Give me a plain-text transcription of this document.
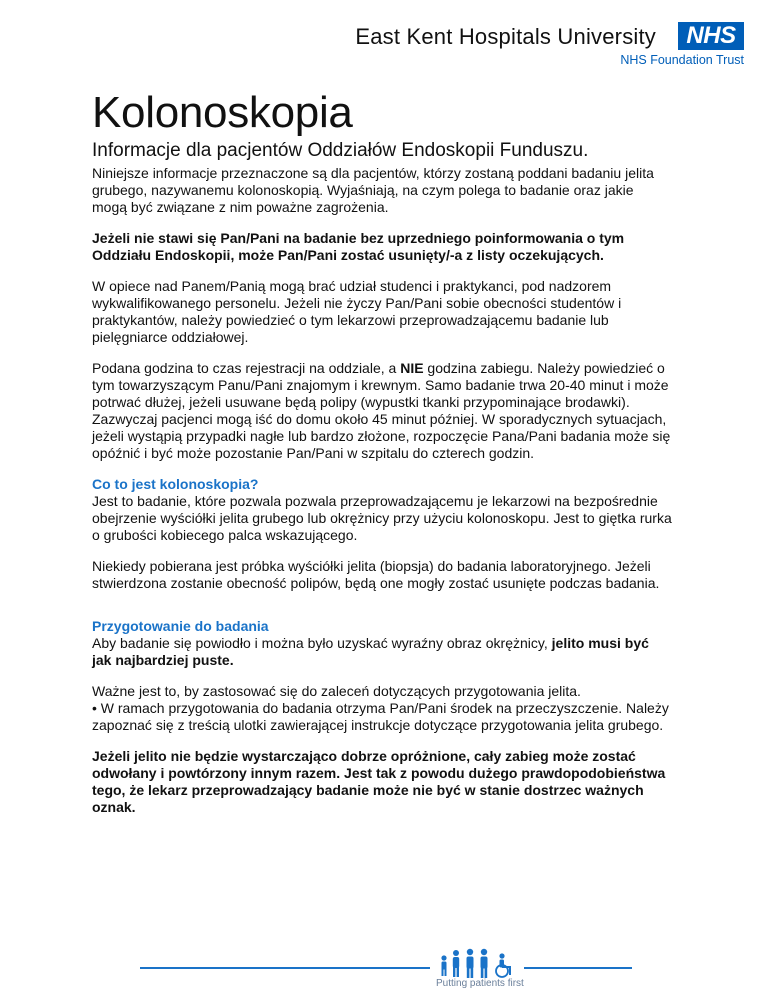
East Kent Hospitals University	NHS
NHS Foundation Trust
Kolonoskopia
Informacje dla pacjentów Oddziałów Endoskopii Funduszu.

Niniejsze informacje przeznaczone są dla pacjentów, którzy zostaną poddani badaniu jelita grubego, nazywanemu kolonoskopią. Wyjaśniają, na czym polega to badanie oraz jakie mogą być związane z nim poważne zagrożenia.

Jeżeli nie stawi się Pan/Pani na badanie bez uprzedniego poinformowania o tym Oddziału Endoskopii, może Pan/Pani zostać usunięty/-a z listy oczekujących.

W opiece nad Panem/Panią mogą brać udział studenci i praktykanci, pod nadzorem wykwalifikowanego personelu. Jeżeli nie życzy Pan/Pani sobie obecności studentów i praktykantów, należy powiedzieć o tym lekarzowi przeprowadzającemu badanie lub pielęgniarce oddziałowej.

Podana godzina to czas rejestracji na oddziale, a NIE godzina zabiegu. Należy powiedzieć o tym towarzyszącym Panu/Pani znajomym i krewnym. Samo badanie trwa 20-40 minut i może potrwać dłużej, jeżeli usuwane będą polipy (wypustki tkanki przypominające brodawki). Zazwyczaj pacjenci mogą iść do domu około 45 minut później. W sporadycznych sytuacjach, jeżeli wystąpią przypadki nagłe lub bardzo złożone, rozpoczęcie Pana/Pani badania może się opóźnić i być może pozostanie Pan/Pani w szpitalu do czterech godzin.

Co to jest kolonoskopia?
Jest to badanie, które pozwala pozwala przeprowadzającemu je lekarzowi na bezpośrednie obejrzenie wyściółki jelita grubego lub okrężnicy przy użyciu kolonoskopu. Jest to giętka rurka o grubości kobiecego palca wskazującego.

Niekiedy pobierana jest próbka wyściółki jelita (biopsja) do badania laboratoryjnego. Jeżeli stwierdzona zostanie obecność polipów, będą one mogły zostać usunięte podczas badania.

Przygotowanie do badania
Aby badanie się powiodło i można było uzyskać wyraźny obraz okrężnicy, jelito musi być jak najbardziej puste.

Ważne jest to, by zastosować się do zaleceń dotyczących przygotowania jelita.
• W ramach przygotowania do badania otrzyma Pan/Pani środek na przeczyszczenie. Należy zapoznać się z treścią ulotki zawierającej instrukcje dotyczące przygotowania jelita grubego.

Jeżeli jelito nie będzie wystarczająco dobrze opróżnione, cały zabieg może zostać odwołany i powtórzony innym razem. Jest tak z powodu dużego prawdopodobieństwa tego, że lekarz przeprowadzający badanie może nie być w stanie dostrzec ważnych oznak.

Putting patients first
